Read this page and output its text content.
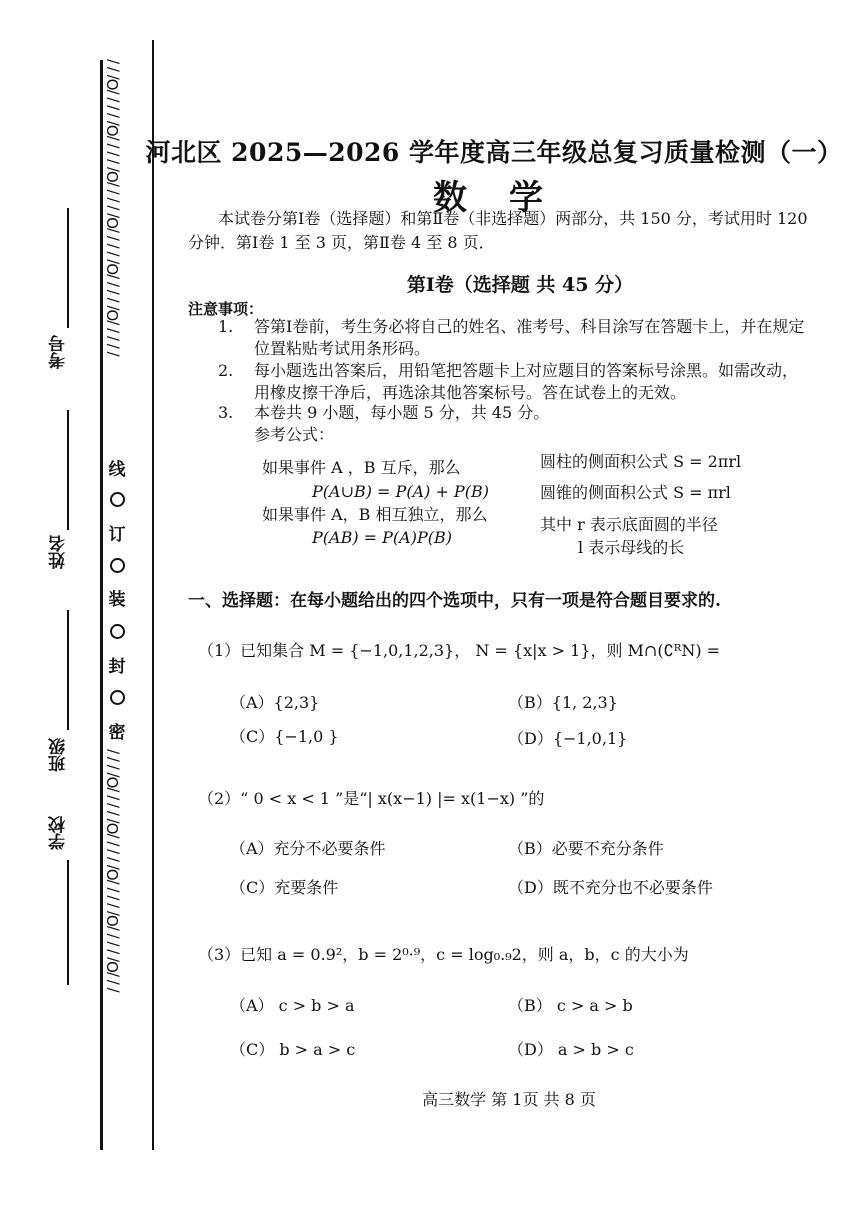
/ / / / /O/ / / / /O/ / / / /O/ / / / /O/ / / / /O/ / / / /O/ / /
/ / /O/ / / / /O/ / / / /O/ / / / /O/ / / / /O/ / / /
线
订
装
封
密
考号
姓名
班级
学校
河北区 2025—2026 学年度高三年级总复习质量检测（一）
数学
本试卷分第Ⅰ卷（选择题）和第Ⅱ卷（非选择题）两部分，共 150 分，考试用时 120
分钟．第Ⅰ卷 1 至 3 页，第Ⅱ卷 4 至 8 页．
第Ⅰ卷（选择题 共 45 分）
注意事项：
1. 答第Ⅰ卷前，考生务必将自己的姓名、准考号、科目涂写在答题卡上，并在规定
位置粘贴考试用条形码。
2. 每小题选出答案后，用铅笔把答题卡上对应题目的答案标号涂黑。如需改动，
用橡皮擦干净后，再选涂其他答案标号。答在试卷上的无效。
3. 本卷共 9 小题，每小题 5 分，共 45 分。
参考公式：
如果事件 A ，B 互斥，那么
P(A∪B) = P(A) + P(B)
如果事件 A，B 相互独立，那么
P(AB) = P(A)P(B)
圆柱的侧面积公式 S = 2πrl
圆锥的侧面积公式 S = πrl
其中 r 表示底面圆的半径
l 表示母线的长
一、选择题：在每小题给出的四个选项中，只有一项是符合题目要求的.
（1）已知集合 M = {−1,0,1,2,3}， N = {x|x > 1}，则 M∩(∁ᴿN) =
（A）{2,3}	（B）{1, 2,3}
（C）{−1,0 }	（D）{−1,0,1}
（2）“ 0 < x < 1 ”是“| x(x−1) |= x(1−x) ”的
（A）充分不必要条件	（B）必要不充分条件
（C）充要条件	（D）既不充分也不必要条件
（3）已知 a = 0.9²，b = 2⁰·⁹，c = log₀.₉2，则 a，b，c 的大小为
（A） c > b > a	（B） c > a > b
（C） b > a > c	（D） a > b > c
高三数学 第 1页 共 8 页
